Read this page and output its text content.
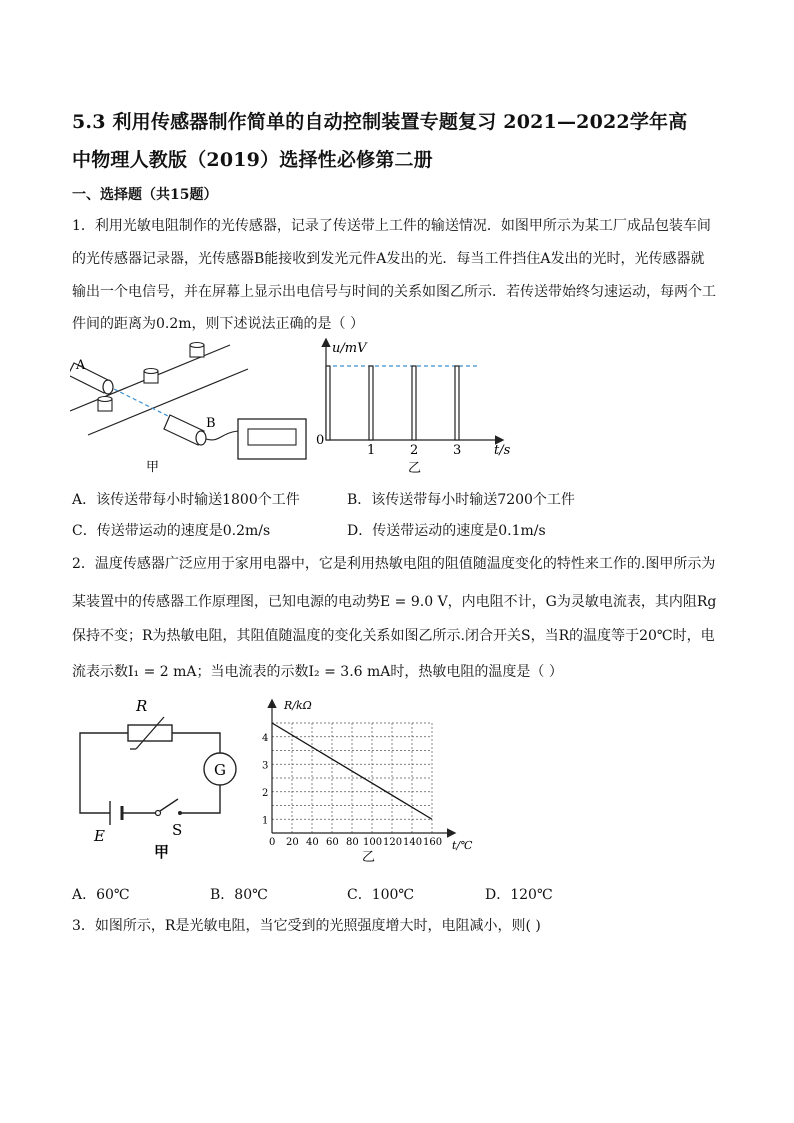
5.3 利用传感器制作简单的自动控制装置专题复习 2021—2022学年高
中物理人教版（2019）选择性必修第二册
一、选择题（共15题）
1．利用光敏电阻制作的光传感器，记录了传送带上工件的输送情况．如图甲所示为某工厂成品包装车间
的光传感器记录器，光传感器B能接收到发光元件A发出的光．每当工件挡住A发出的光时，光传感器就
输出一个电信号，并在屏幕上显示出电信号与时间的关系如图乙所示．若传送带始终匀速运动，每两个工
件间的距离为0.2m，则下述说法正确的是（ ）
A
B
甲
u/mV
t/s
0
1	2	3
乙
A．该传送带每小时输送1800个工件	B．该传送带每小时输送7200个工件
C．传送带运动的速度是0.2m/s	D．传送带运动的速度是0.1m/s
2．温度传感器广泛应用于家用电器中，它是利用热敏电阻的阻值随温度变化的特性来工作的.图甲所示为
某装置中的传感器工作原理图，已知电源的电动势E = 9.0 V，内电阻不计，G为灵敏电流表，其内阻Rg
保持不变；R为热敏电阻，其阻值随温度的变化关系如图乙所示.闭合开关S，当R的温度等于20℃时，电
流表示数I₁ = 2 mA；当电流表的示数I₂ = 3.6 mA时，热敏电阻的温度是（ ）
R
G
E	S
甲
0 20 40 60 80 100 120 140 160
1
2
3
4
R/kΩ
t/℃
乙
A．60℃	B．80℃	C．100℃	D．120℃
3．如图所示，R是光敏电阻，当它受到的光照强度增大时，电阻减小，则( )
